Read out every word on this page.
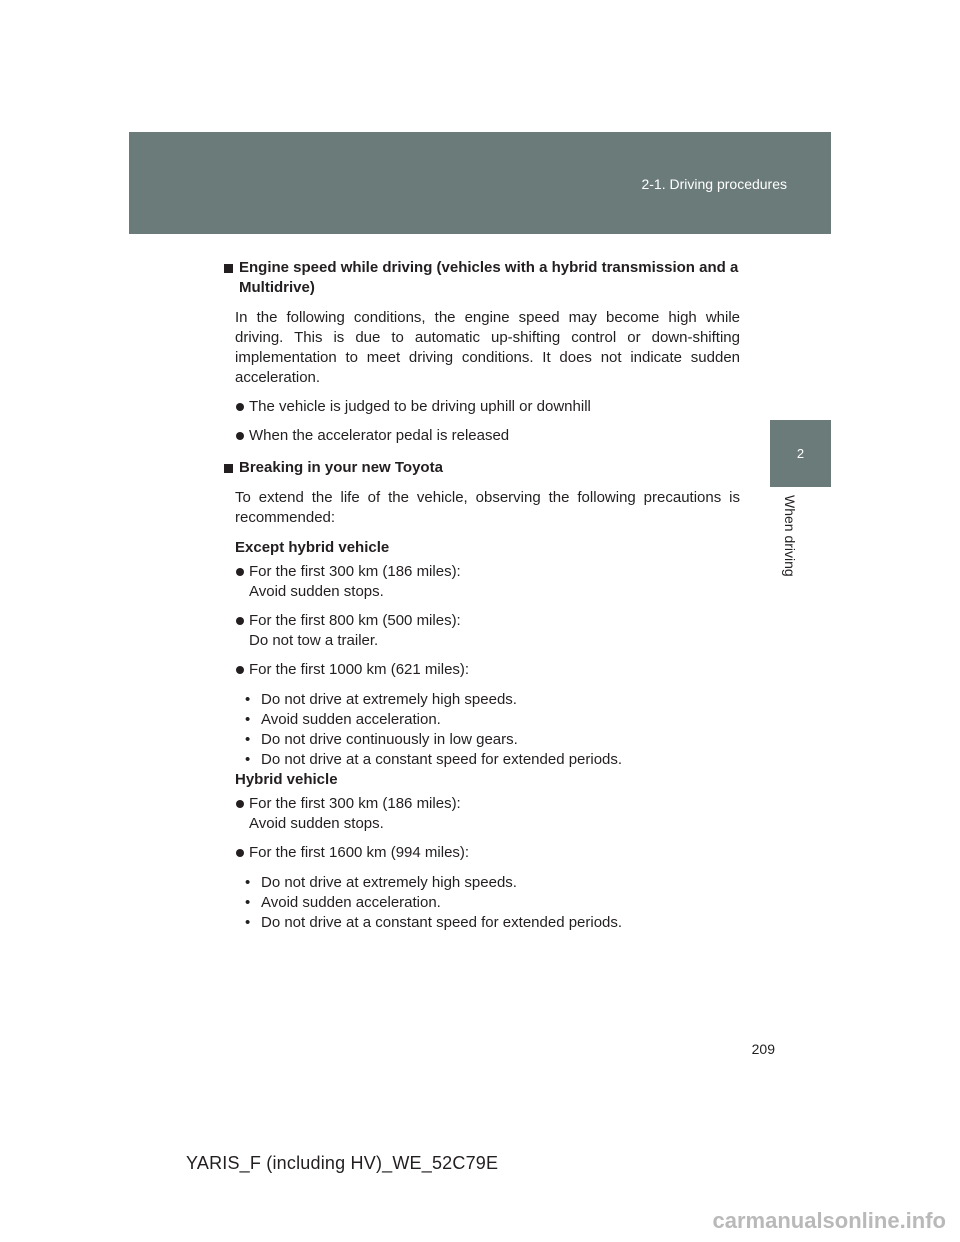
2-1. Driving procedures
2
When driving
Engine speed while driving (vehicles with a hybrid transmission and a Multidrive)
In the following conditions, the engine speed may become high while driving. This is due to automatic up-shifting control or down-shifting implementation to meet driving conditions. It does not indicate sudden acceleration.
The vehicle is judged to be driving uphill or downhill
When the accelerator pedal is released
Breaking in your new Toyota
To extend the life of the vehicle, observing the following precautions is recommended:
Except hybrid vehicle
For the first 300 km (186 miles):
Avoid sudden stops.
For the first 800 km (500 miles):
Do not tow a trailer.
For the first 1000 km (621 miles):
• Do not drive at extremely high speeds.
• Avoid sudden acceleration.
• Do not drive continuously in low gears.
• Do not drive at a constant speed for extended periods.
Hybrid vehicle
For the first 300 km (186 miles):
Avoid sudden stops.
For the first 1600 km (994 miles):
• Do not drive at extremely high speeds.
• Avoid sudden acceleration.
• Do not drive at a constant speed for extended periods.
209
YARIS_F (including HV)_WE_52C79E
carmanualsonline.info
